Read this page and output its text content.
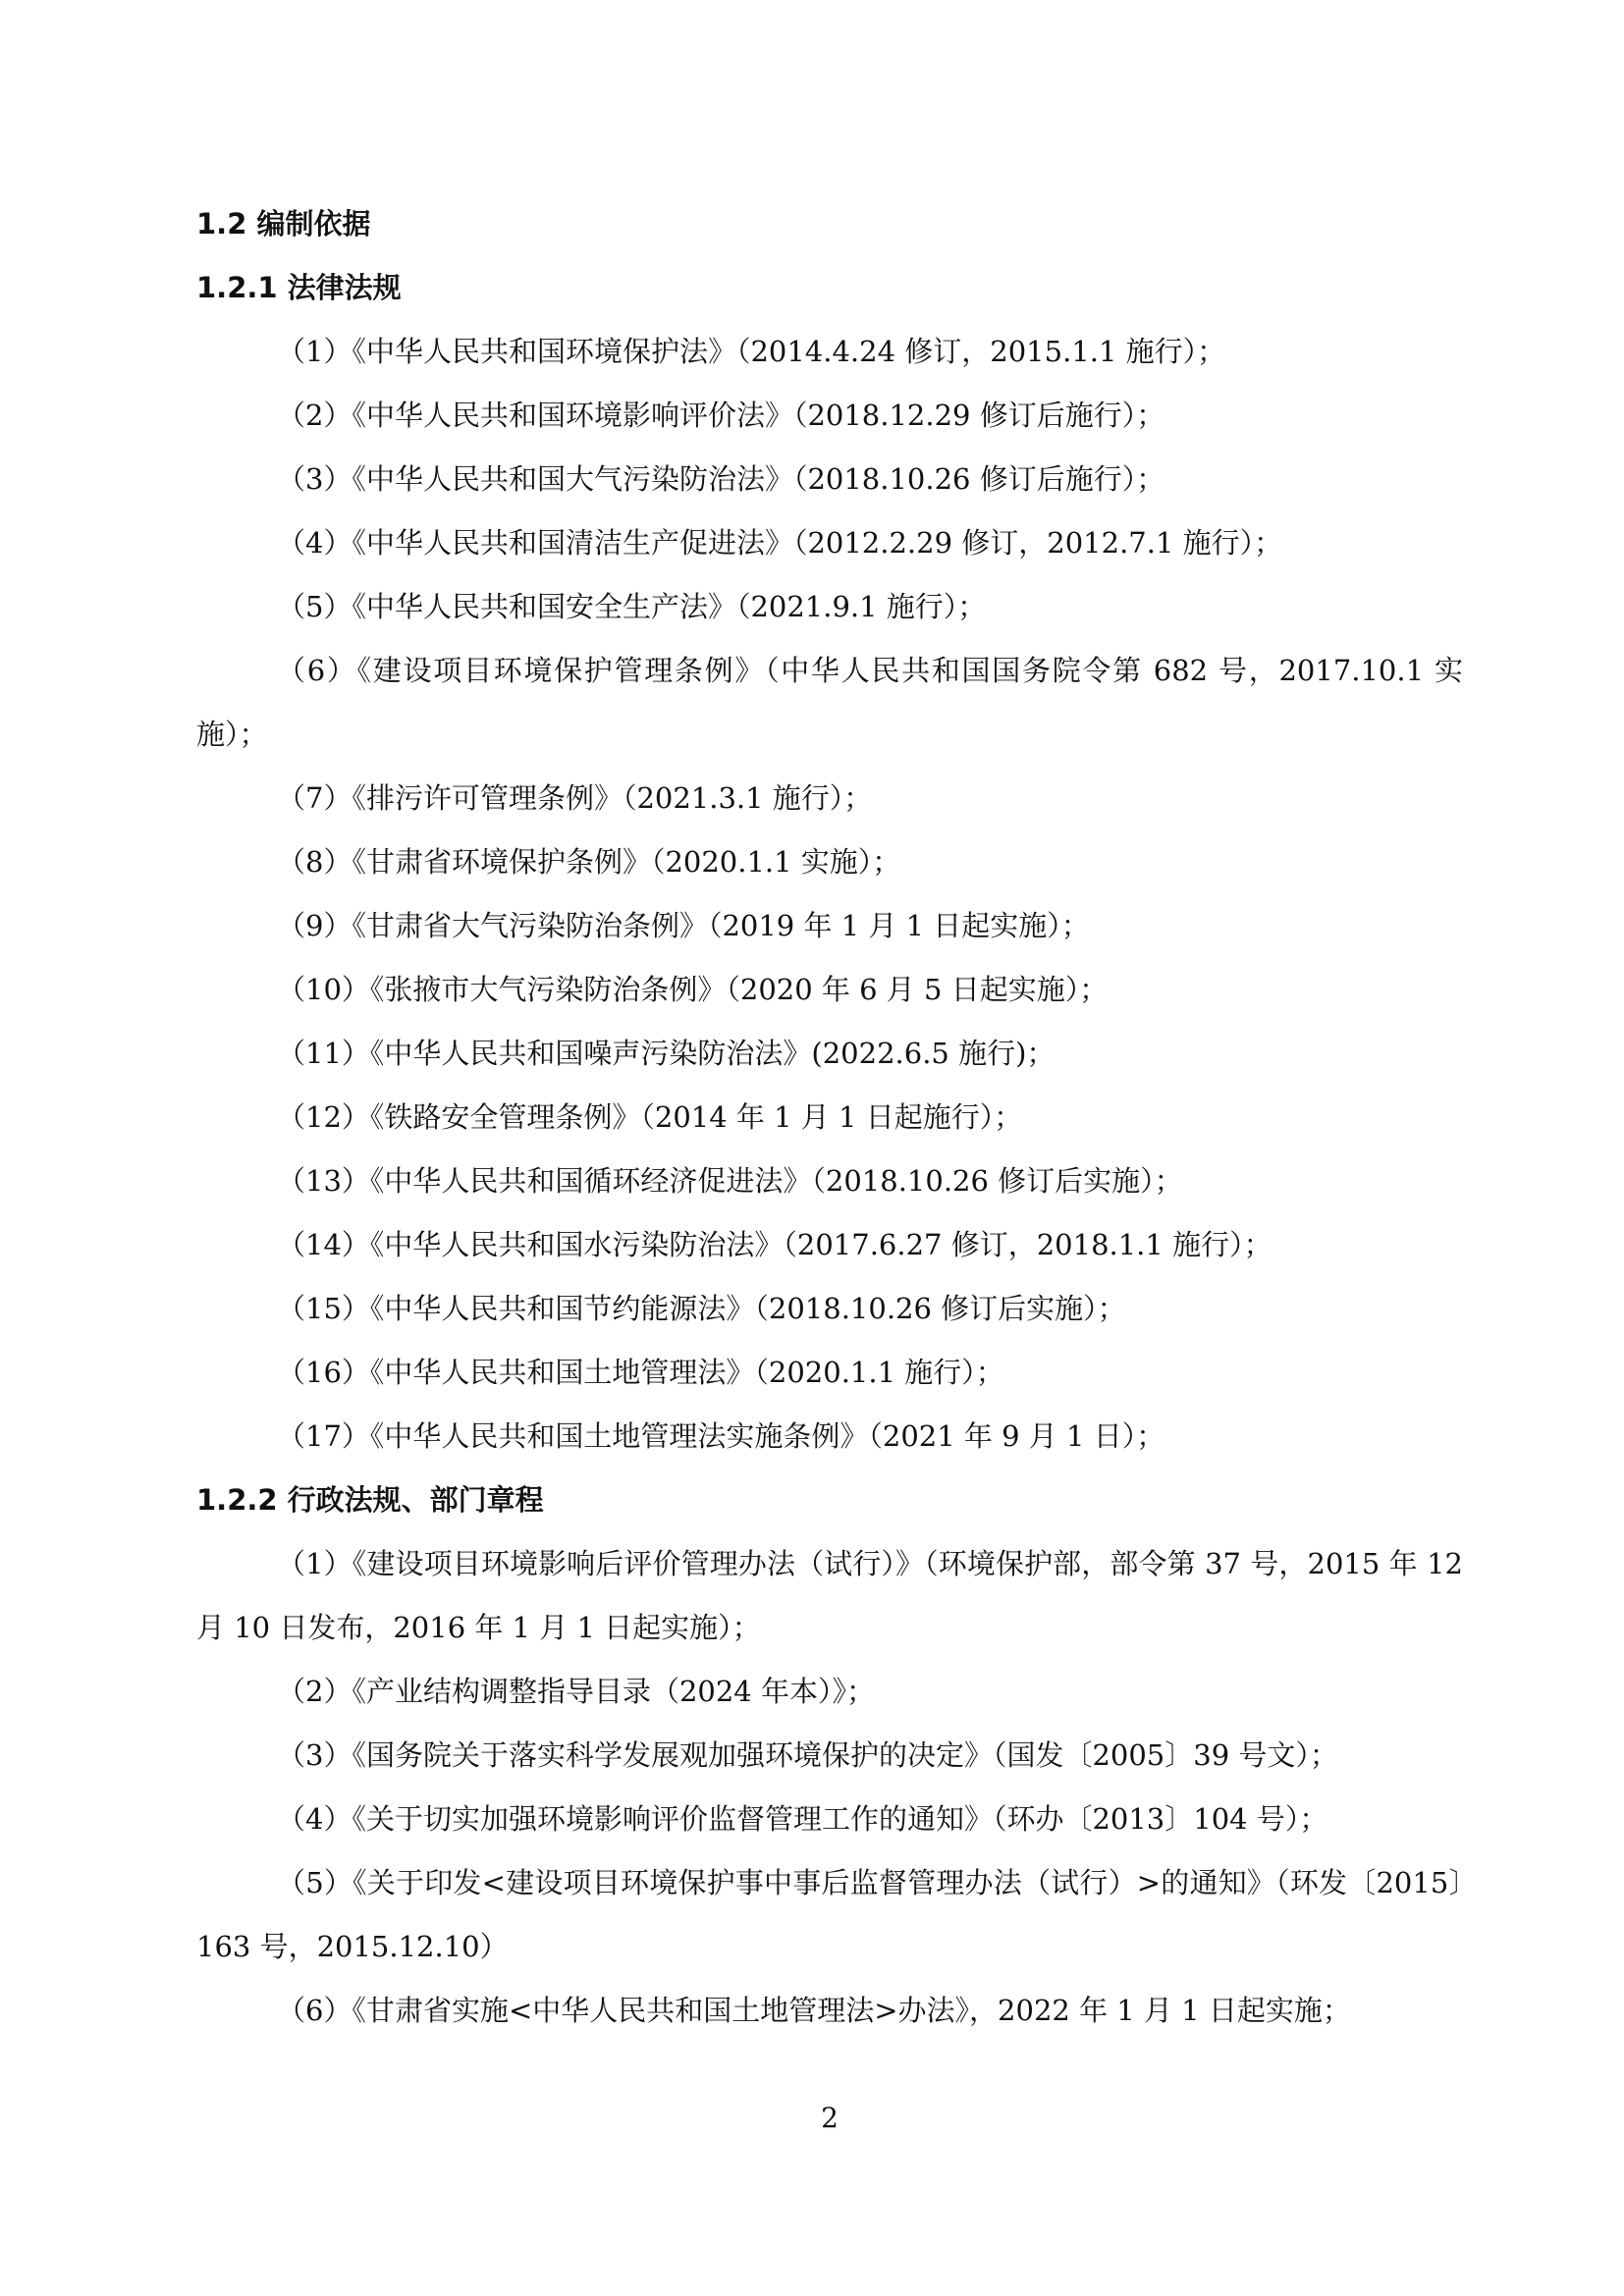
1.2 编制依据
1.2.1 法律法规
（1）《中华人民共和国环境保护法》（2014.4.24 修订，2015.1.1 施行）；
（2）《中华人民共和国环境影响评价法》（2018.12.29 修订后施行）；
（3）《中华人民共和国大气污染防治法》（2018.10.26 修订后施行）；
（4）《中华人民共和国清洁生产促进法》（2012.2.29 修订，2012.7.1 施行）；
（5）《中华人民共和国安全生产法》（2021.9.1 施行）；
（6）《建设项目环境保护管理条例》（中华人民共和国国务院令第 682 号，2017.10.1 实施）；
（7）《排污许可管理条例》（2021.3.1 施行）；
（8）《甘肃省环境保护条例》（2020.1.1 实施）；
（9）《甘肃省大气污染防治条例》（2019 年 1 月 1 日起实施）；
（10）《张掖市大气污染防治条例》（2020 年 6 月 5 日起实施）；
（11）《中华人民共和国噪声污染防治法》(2022.6.5 施行)；
（12）《铁路安全管理条例》（2014 年 1 月 1 日起施行）；
（13）《中华人民共和国循环经济促进法》（2018.10.26 修订后实施）；
（14）《中华人民共和国水污染防治法》（2017.6.27 修订，2018.1.1 施行）；
（15）《中华人民共和国节约能源法》（2018.10.26 修订后实施）；
（16）《中华人民共和国土地管理法》（2020.1.1 施行）；
（17）《中华人民共和国土地管理法实施条例》（2021 年 9 月 1 日）；
1.2.2 行政法规、部门章程
（1）《建设项目环境影响后评价管理办法（试行）》（环境保护部，部令第 37 号，2015 年 12 月 10 日发布，2016 年 1 月 1 日起实施）；
（2）《产业结构调整指导目录（2024 年本）》；
（3）《国务院关于落实科学发展观加强环境保护的决定》（国发〔2005〕39 号文）；
（4）《关于切实加强环境影响评价监督管理工作的通知》（环办〔2013〕104 号）；
（5）《关于印发<建设项目环境保护事中事后监督管理办法（试行）>的通知》（环发〔2015〕163 号，2015.12.10）
（6）《甘肃省实施<中华人民共和国土地管理法>办法》，2022 年 1 月 1 日起实施；
2
